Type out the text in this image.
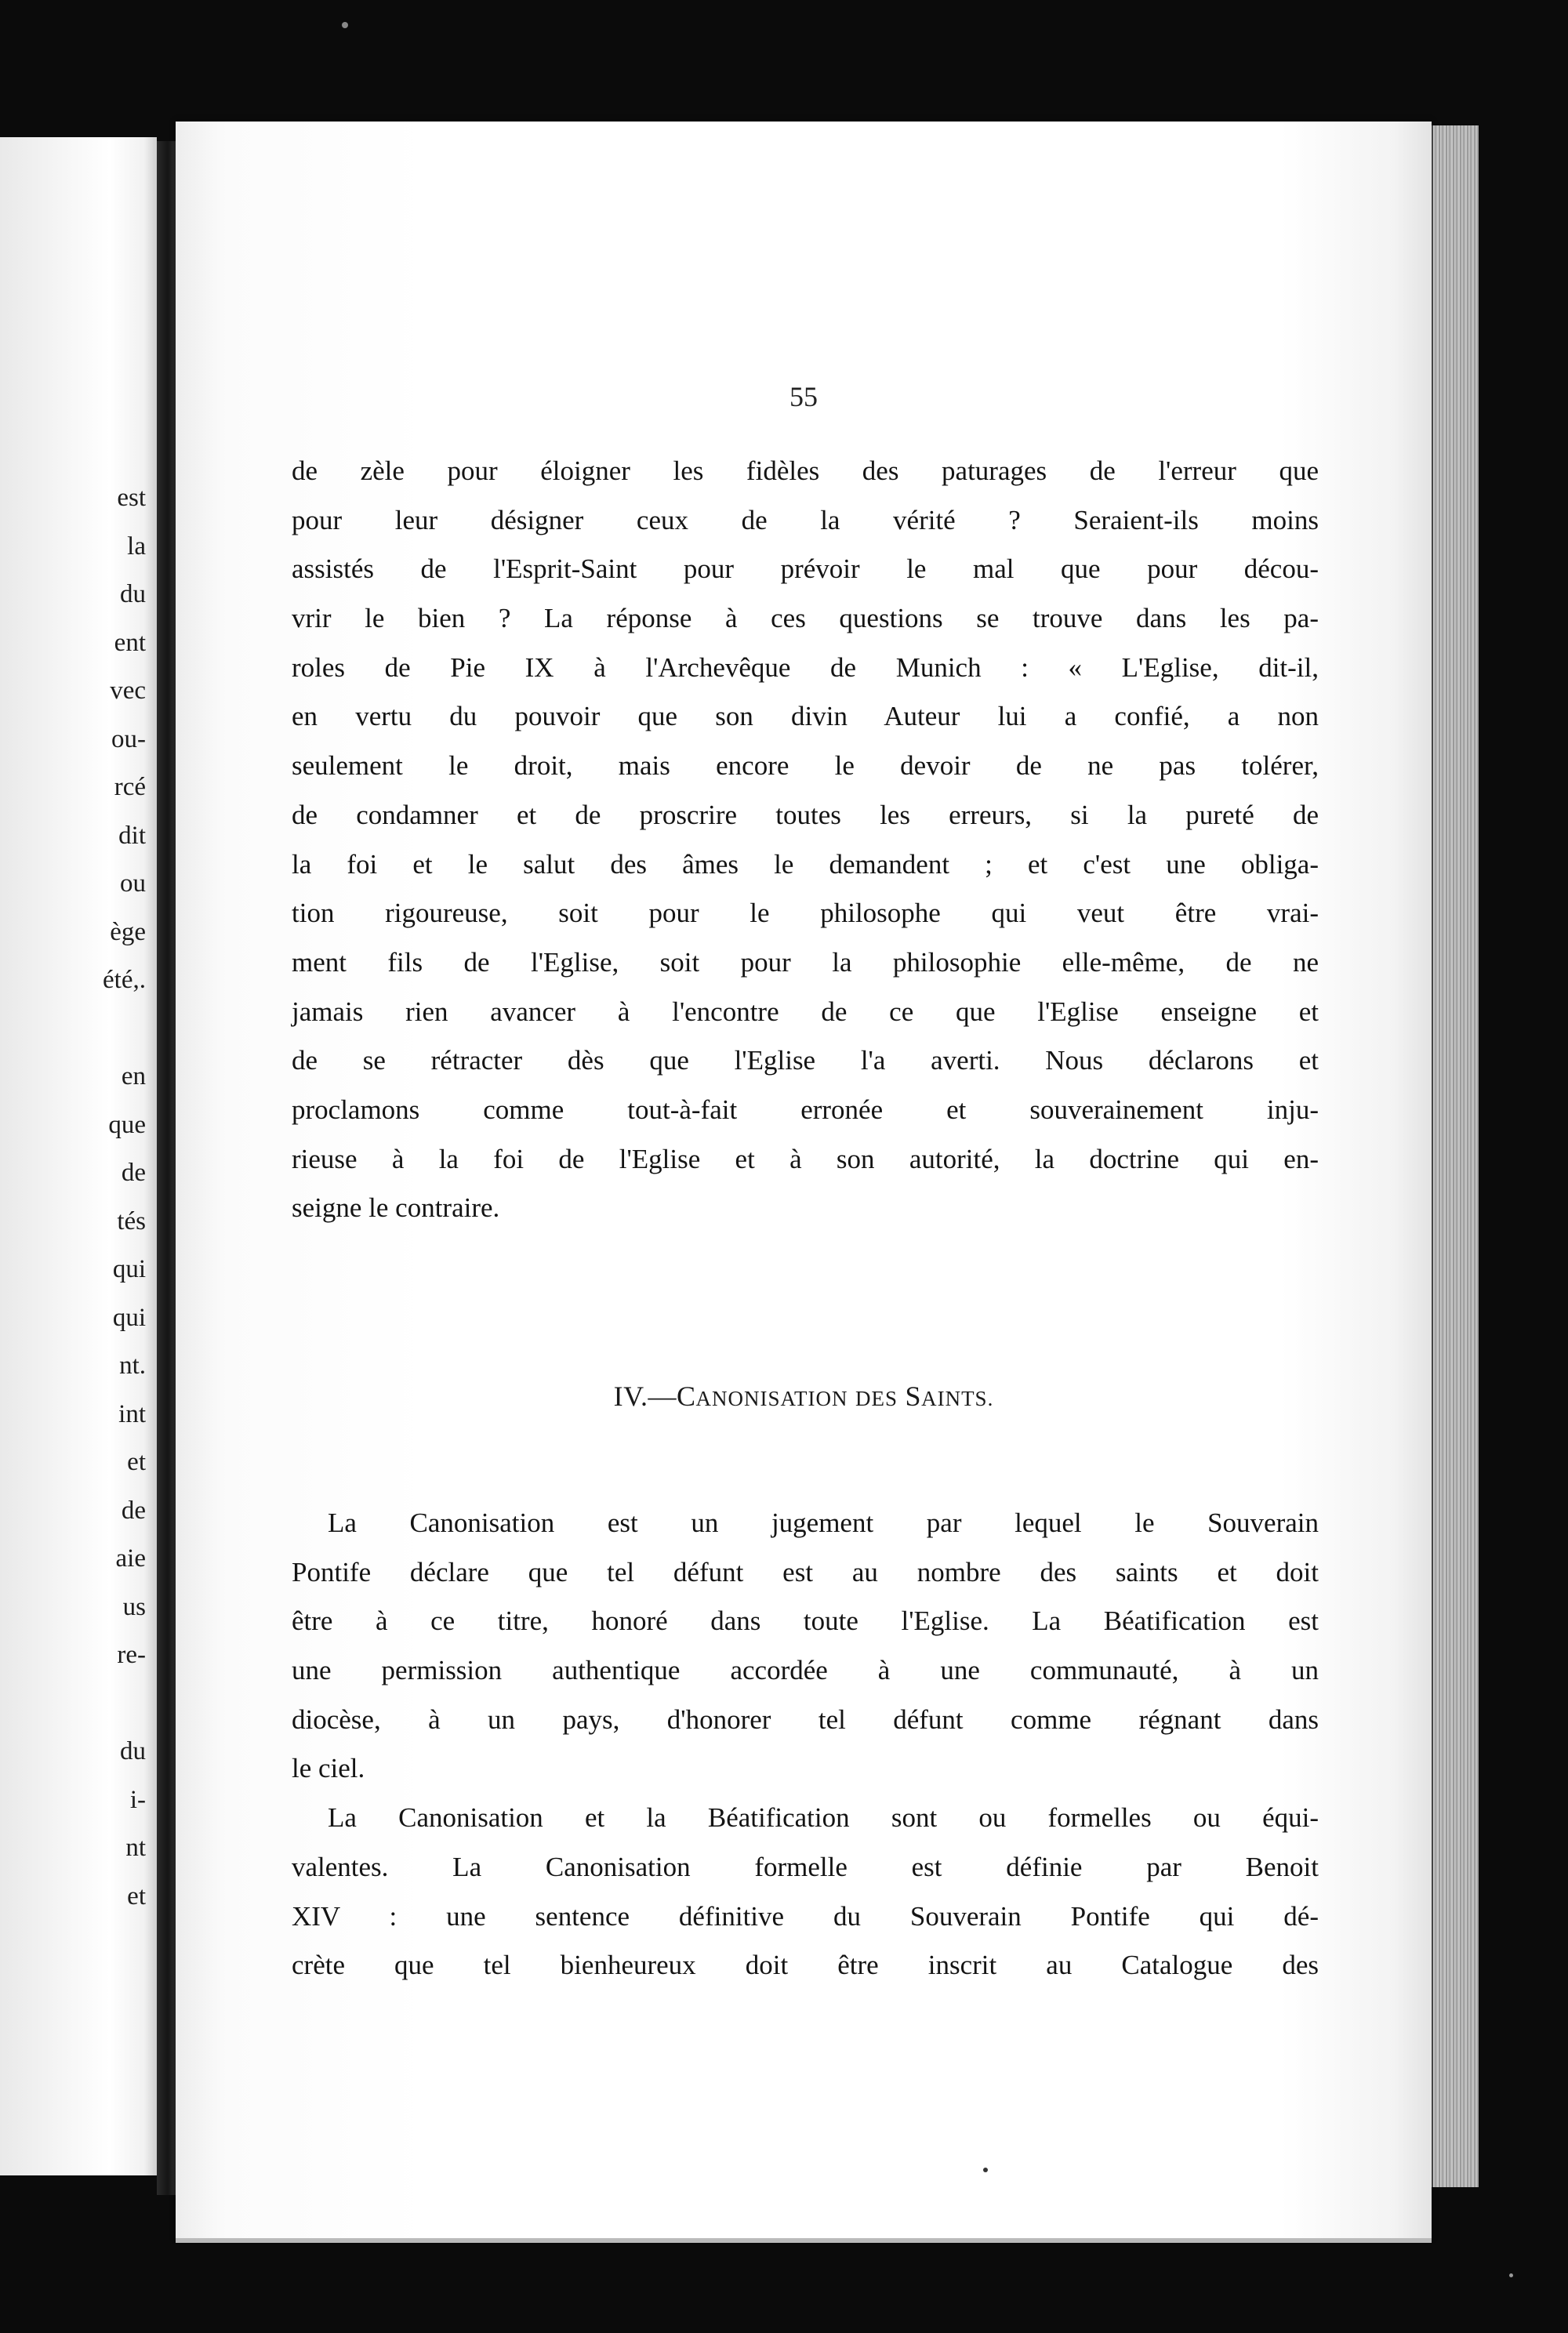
est
la
du
ent
vec
ou-
rcé
dit
ou
ège
été,.
en
que
de
tés
qui
qui
nt.
int
et
de
aie
us
re-
du
i-
nt
et
55
de zèle pour éloigner les fidèles des paturages de l'erreur que
pour leur désigner ceux de la vérité ? Seraient-ils moins
assistés de l'Esprit-Saint pour prévoir le mal que pour décou-
vrir le bien ? La réponse à ces questions se trouve dans les pa-
roles de Pie IX à l'Archevêque de Munich : « L'Eglise, dit-il,
en vertu du pouvoir que son divin Auteur lui a confié, a non
seulement le droit, mais encore le devoir de ne pas tolérer,
de condamner et de proscrire toutes les erreurs, si la pureté de
la foi et le salut des âmes le demandent ; et c'est une obliga-
tion rigoureuse, soit pour le philosophe qui veut être vrai-
ment fils de l'Eglise, soit pour la philosophie elle-même, de ne
jamais rien avancer à l'encontre de ce que l'Eglise enseigne et
de se rétracter dès que l'Eglise l'a averti. Nous déclarons et
proclamons comme tout-à-fait erronée et souverainement inju-
rieuse à la foi de l'Eglise et à son autorité, la doctrine qui en-
seigne le contraire.
IV.—CANONISATION DES SAINTS.
La Canonisation est un jugement par lequel le Souverain
Pontife déclare que tel défunt est au nombre des saints et doit
être à ce titre, honoré dans toute l'Eglise. La Béatification est
une permission authentique accordée à une communauté, à un
diocèse, à un pays, d'honorer tel défunt comme régnant dans
le ciel.
La Canonisation et la Béatification sont ou formelles ou équi-
valentes. La Canonisation formelle est définie par Benoit
XIV : une sentence définitive du Souverain Pontife qui dé-
crète que tel bienheureux doit être inscrit au Catalogue des
